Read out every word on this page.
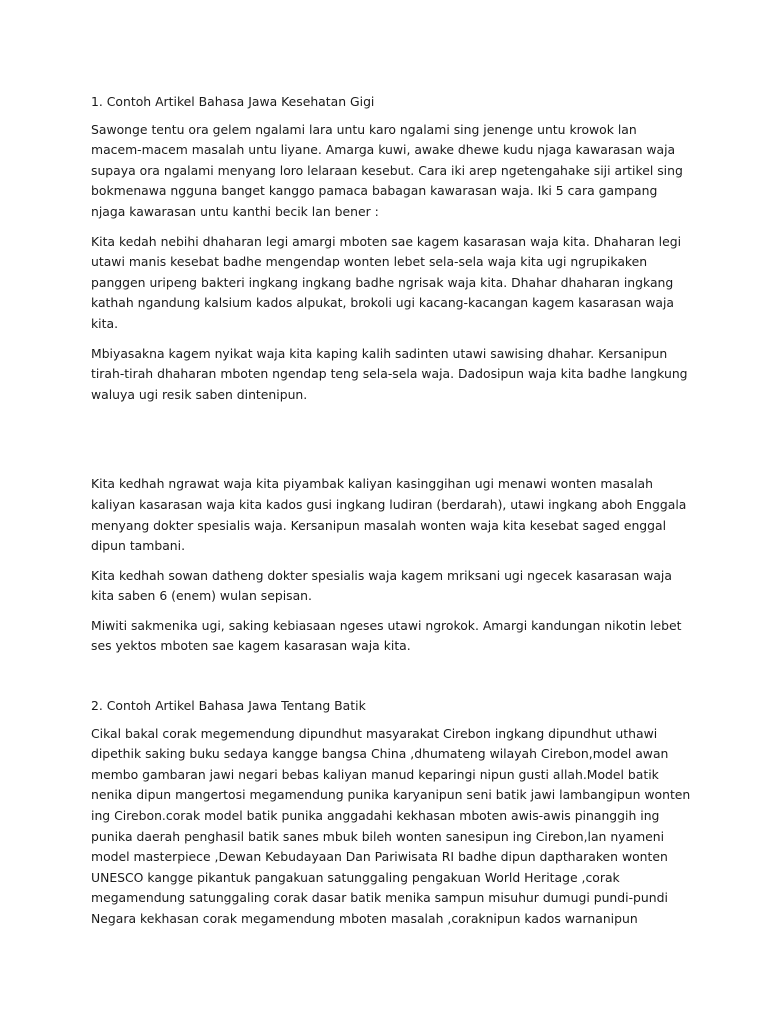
1. Contoh Artikel Bahasa Jawa Kesehatan Gigi

Sawonge tentu ora gelem ngalami lara untu karo ngalami sing jenenge untu krowok lan macem-macem masalah untu liyane. Amarga kuwi, awake dhewe kudu njaga kawarasan waja supaya ora ngalami menyang loro lelaraan kesebut. Cara iki arep ngetengahake siji artikel sing bokmenawa ngguna banget kanggo pamaca babagan kawarasan waja. Iki 5 cara gampang njaga kawarasan untu kanthi becik lan bener :

Kita kedah nebihi dhaharan legi amargi mboten sae kagem kasarasan waja kita. Dhaharan legi utawi manis kesebat badhe mengendap wonten lebet sela-sela waja kita ugi ngrupikaken panggen uripeng bakteri ingkang ingkang badhe ngrisak waja kita. Dhahar dhaharan ingkang kathah ngandung kalsium kados alpukat, brokoli ugi kacang-kacangan kagem kasarasan waja kita.

Mbiyasakna kagem nyikat waja kita kaping kalih sadinten utawi sawising dhahar. Kersanipun tirah-tirah dhaharan mboten ngendap teng sela-sela waja. Dadosipun waja kita badhe langkung waluya ugi resik saben dintenipun.

Kita kedhah ngrawat waja kita piyambak kaliyan kasinggihan ugi menawi wonten masalah kaliyan kasarasan waja kita kados gusi ingkang ludiran (berdarah), utawi ingkang aboh Enggala menyang dokter spesialis waja. Kersanipun masalah wonten waja kita kesebat saged enggal dipun tambani.

Kita kedhah sowan datheng dokter spesialis waja kagem mriksani ugi ngecek kasarasan waja kita saben 6 (enem) wulan sepisan.

Miwiti sakmenika ugi, saking kebiasaan ngeses utawi ngrokok. Amargi kandungan nikotin lebet ses yektos mboten sae kagem kasarasan waja kita.

2. Contoh Artikel Bahasa Jawa Tentang Batik

Cikal bakal corak megemendung dipundhut masyarakat Cirebon ingkang dipundhut uthawi dipethik saking buku sedaya kangge bangsa China ,dhumateng wilayah Cirebon,model awan membo gambaran jawi negari bebas kaliyan manud keparingi nipun gusti allah.Model batik nenika dipun mangertosi megamendung punika karyanipun seni batik jawi lambangipun wonten ing Cirebon.corak model batik punika anggadahi kekhasan mboten awis-awis pinanggih ing punika daerah penghasil batik sanes mbuk bileh wonten sanesipun ing Cirebon,lan nyameni model masterpiece ,Dewan Kebudayaan Dan Pariwisata RI badhe dipun daptharaken wonten UNESCO kangge pikantuk pangakuan satunggaling pengakuan World Heritage ,corak megamendung satunggaling corak dasar batik menika sampun misuhur dumugi pundi-pundi Negara kekhasan corak megamendung mboten masalah ,coraknipun kados warnanipun
